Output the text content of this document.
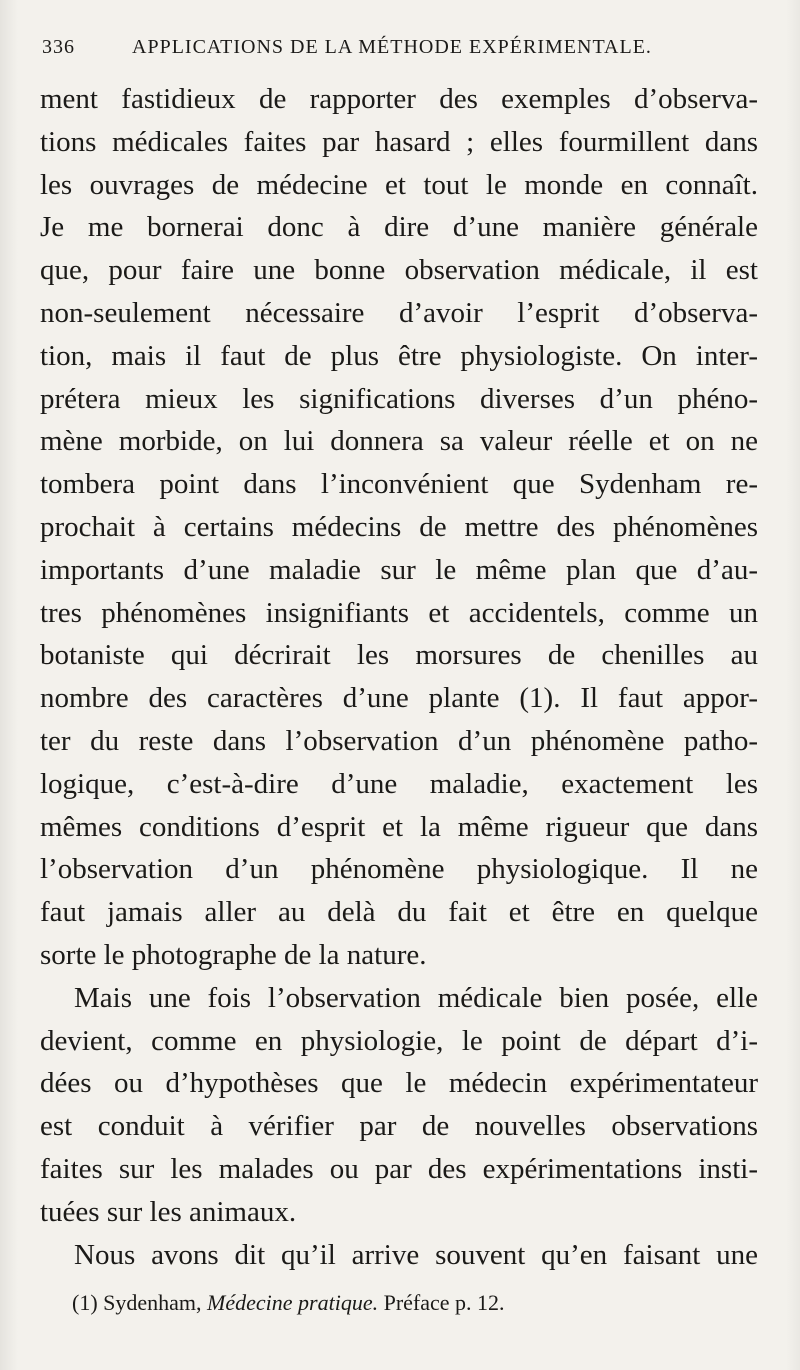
336	APPLICATIONS DE LA MÉTHODE EXPÉRIMENTALE.
ment fastidieux de rapporter des exemples d’observa-
tions médicales faites par hasard ; elles fourmillent dans
les ouvrages de médecine et tout le monde en connaît.
Je me bornerai donc à dire d’une manière générale
que, pour faire une bonne observation médicale, il est
non-seulement nécessaire d’avoir l’esprit d’observa-
tion, mais il faut de plus être physiologiste. On inter-
prétera mieux les significations diverses d’un phéno-
mène morbide, on lui donnera sa valeur réelle et on ne
tombera point dans l’inconvénient que Sydenham re-
prochait à certains médecins de mettre des phénomènes
importants d’une maladie sur le même plan que d’au-
tres phénomènes insignifiants et accidentels, comme un
botaniste qui décrirait les morsures de chenilles au
nombre des caractères d’une plante (1). Il faut appor-
ter du reste dans l’observation d’un phénomène patho-
logique, c’est-à-dire d’une maladie, exactement les
mêmes conditions d’esprit et la même rigueur que dans
l’observation d’un phénomène physiologique. Il ne
faut jamais aller au delà du fait et être en quelque
sorte le photographe de la nature.
Mais une fois l’observation médicale bien posée, elle
devient, comme en physiologie, le point de départ d’i-
dées ou d’hypothèses que le médecin expérimentateur
est conduit à vérifier par de nouvelles observations
faites sur les malades ou par des expérimentations insti-
tuées sur les animaux.
Nous avons dit qu’il arrive souvent qu’en faisant une
(1) Sydenham, Médecine pratique. Préface p. 12.
